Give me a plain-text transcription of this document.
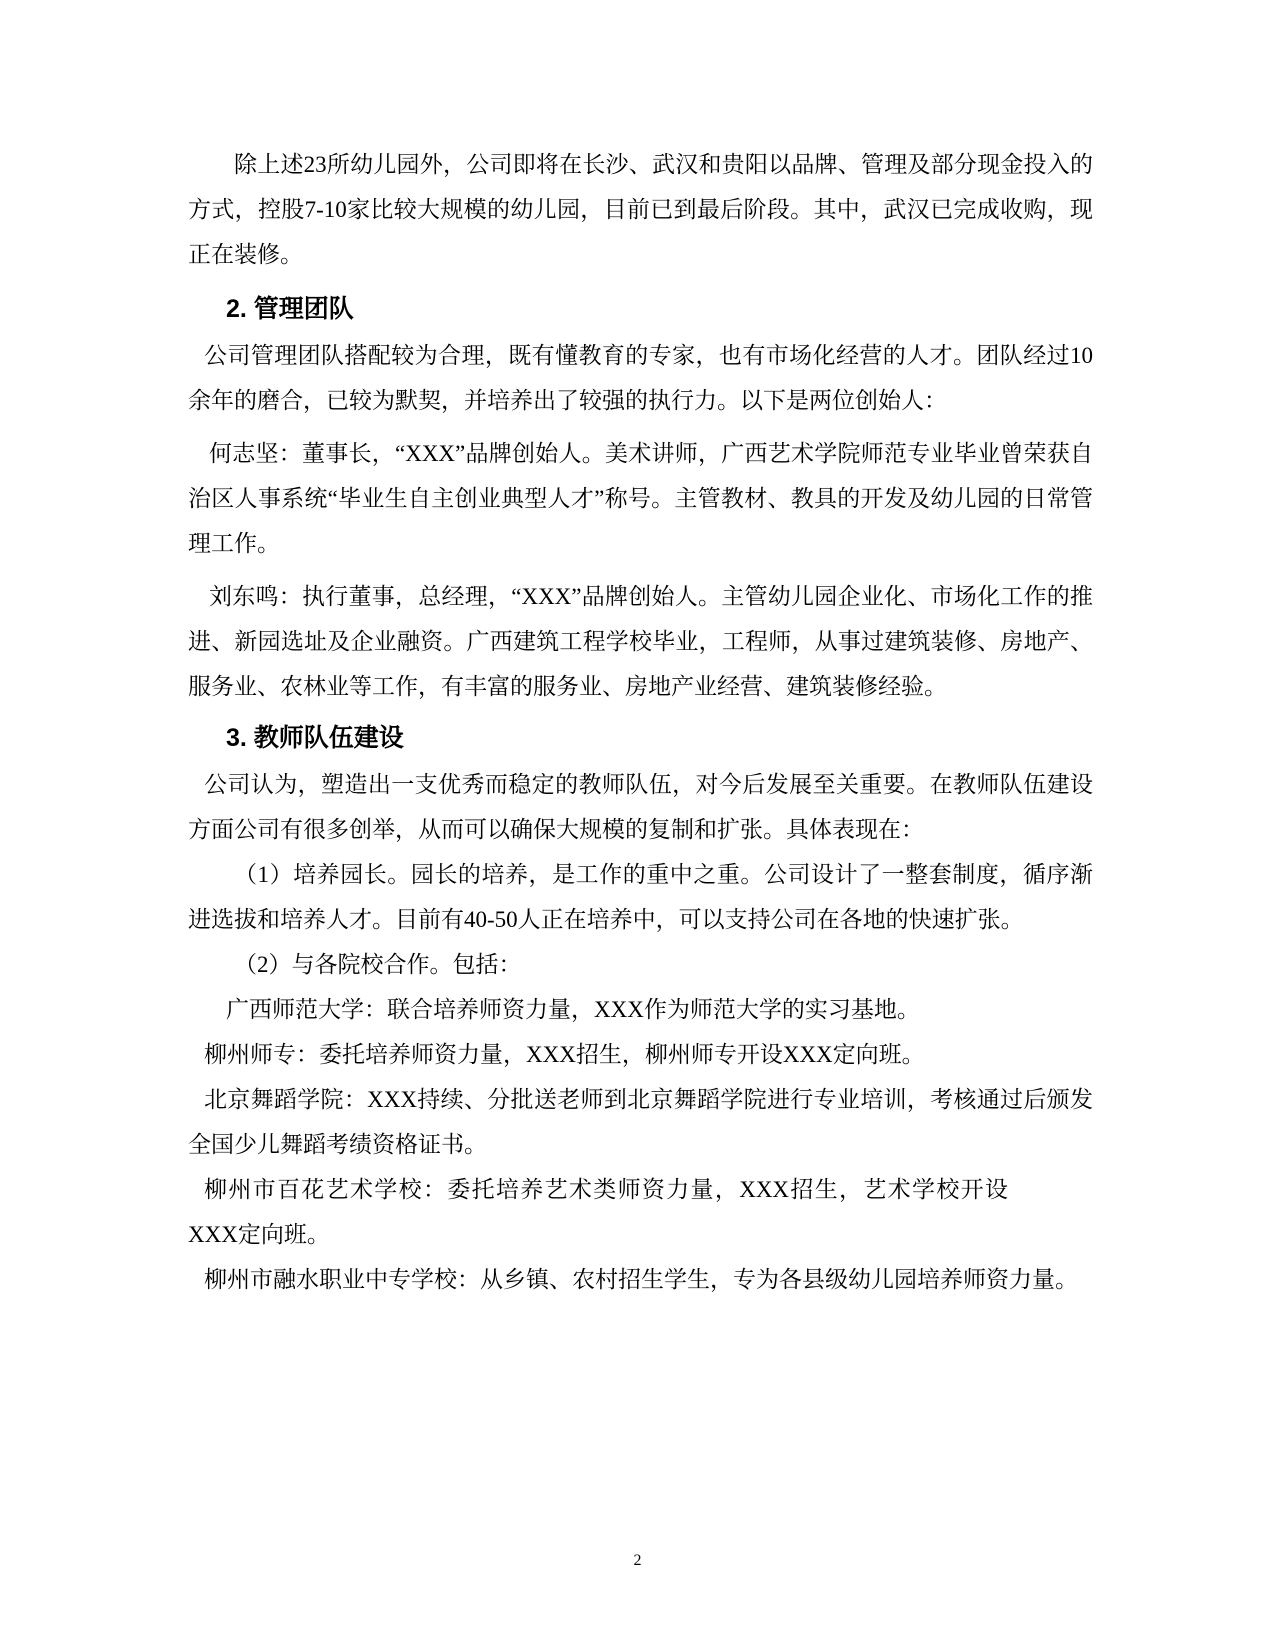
除上述23所幼儿园外，公司即将在长沙、武汉和贵阳以品牌、管理及部分现金投入的方式，控股7-10家比较大规模的幼儿园，目前已到最后阶段。其中，武汉已完成收购，现正在装修。

2. 管理团队

公司管理团队搭配较为合理，既有懂教育的专家，也有市场化经营的人才。团队经过10余年的磨合，已较为默契，并培养出了较强的执行力。以下是两位创始人：

何志坚：董事长，“XXX”品牌创始人。美术讲师，广西艺术学院师范专业毕业曾荣获自治区人事系统“毕业生自主创业典型人才”称号。主管教材、教具的开发及幼儿园的日常管理工作。

刘东鸣：执行董事，总经理，“XXX”品牌创始人。主管幼儿园企业化、市场化工作的推进、新园选址及企业融资。广西建筑工程学校毕业，工程师，从事过建筑装修、房地产、服务业、农林业等工作，有丰富的服务业、房地产业经营、建筑装修经验。

3. 教师队伍建设

公司认为，塑造出一支优秀而稳定的教师队伍，对今后发展至关重要。在教师队伍建设方面公司有很多创举，从而可以确保大规模的复制和扩张。具体表现在：

（1）培养园长。园长的培养，是工作的重中之重。公司设计了一整套制度，循序渐进选拔和培养人才。目前有40-50人正在培养中，可以支持公司在各地的快速扩张。

（2）与各院校合作。包括：

广西师范大学：联合培养师资力量，XXX作为师范大学的实习基地。

柳州师专：委托培养师资力量，XXX招生，柳州师专开设XXX定向班。

北京舞蹈学院：XXX持续、分批送老师到北京舞蹈学院进行专业培训，考核通过后颁发全国少儿舞蹈考绩资格证书。

柳州市百花艺术学校：委托培养艺术类师资力量，XXX招生，艺术学校开设XXX定向班。

柳州市融水职业中专学校：从乡镇、农村招生学生，专为各县级幼儿园培养师资力量。

2
